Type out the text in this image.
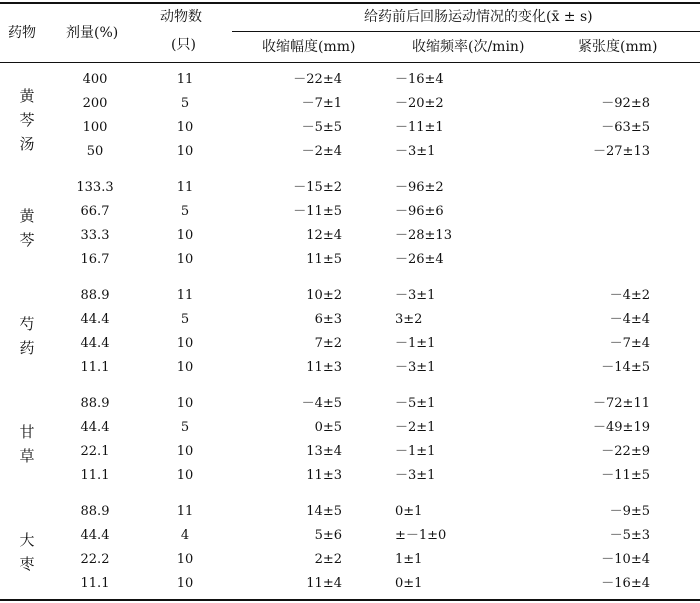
药物 剂量(%)
动物数
(只)
给药前后回肠运动情况的变化(x̄ ± s)
收缩幅度(mm)	收缩频率(次/min)	紧张度(mm)
黄
芩
汤
400	11	－22±4	－16±4
200	5	－7±1	－20±2	－92±8
100	10	－5±5	－11±1	－63±5
50	10	－2±4	－3±1	－27±13
黄
芩
133.3	11	－15±2	－96±2
66.7	5	－11±5	－96±6
33.3	10	12±4	－28±13
16.7	10	11±5	－26±4
芍
药
88.9	11	10±2	－3±1	－4±2
44.4	5	6±3	3±2	－4±4
44.4	10	7±2	－1±1	－7±4
11.1	10	11±3	－3±1	－14±5
甘
草
88.9	10	－4±5	－5±1	－72±11
44.4	5	0±5	－2±1	－49±19
22.1	10	13±4	－1±1	－22±9
11.1	10	11±3	－3±1	－11±5
大
枣
88.9	11	14±5	0±1	－9±5
44.4	4	5±6	±－1±0	－5±3
22.2	10	2±2	1±1	－10±4
11.1	10	11±4	0±1	－16±4
